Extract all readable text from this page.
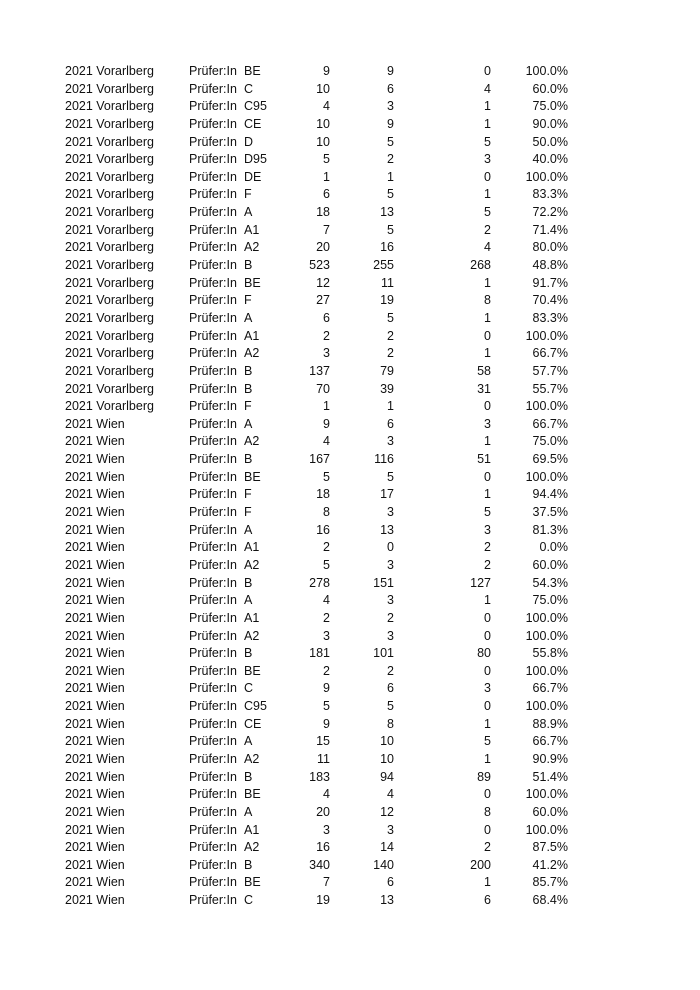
2021 Vorarlberg	Prüfer:In BE	9	9	0	100.0%
2021 Vorarlberg	Prüfer:In C	10	6	4	60.0%
2021 Vorarlberg	Prüfer:In C95	4	3	1	75.0%
2021 Vorarlberg	Prüfer:In CE	10	9	1	90.0%
2021 Vorarlberg	Prüfer:In D	10	5	5	50.0%
2021 Vorarlberg	Prüfer:In D95	5	2	3	40.0%
2021 Vorarlberg	Prüfer:In DE	1	1	0	100.0%
2021 Vorarlberg	Prüfer:In F	6	5	1	83.3%
2021 Vorarlberg	Prüfer:In A	18	13	5	72.2%
2021 Vorarlberg	Prüfer:In A1	7	5	2	71.4%
2021 Vorarlberg	Prüfer:In A2	20	16	4	80.0%
2021 Vorarlberg	Prüfer:In B	523	255	268	48.8%
2021 Vorarlberg	Prüfer:In BE	12	11	1	91.7%
2021 Vorarlberg	Prüfer:In F	27	19	8	70.4%
2021 Vorarlberg	Prüfer:In A	6	5	1	83.3%
2021 Vorarlberg	Prüfer:In A1	2	2	0	100.0%
2021 Vorarlberg	Prüfer:In A2	3	2	1	66.7%
2021 Vorarlberg	Prüfer:In B	137	79	58	57.7%
2021 Vorarlberg	Prüfer:In B	70	39	31	55.7%
2021 Vorarlberg	Prüfer:In F	1	1	0	100.0%
2021 Wien	Prüfer:In A	9	6	3	66.7%
2021 Wien	Prüfer:In A2	4	3	1	75.0%
2021 Wien	Prüfer:In B	167	116	51	69.5%
2021 Wien	Prüfer:In BE	5	5	0	100.0%
2021 Wien	Prüfer:In F	18	17	1	94.4%
2021 Wien	Prüfer:In F	8	3	5	37.5%
2021 Wien	Prüfer:In A	16	13	3	81.3%
2021 Wien	Prüfer:In A1	2	0	2	0.0%
2021 Wien	Prüfer:In A2	5	3	2	60.0%
2021 Wien	Prüfer:In B	278	151	127	54.3%
2021 Wien	Prüfer:In A	4	3	1	75.0%
2021 Wien	Prüfer:In A1	2	2	0	100.0%
2021 Wien	Prüfer:In A2	3	3	0	100.0%
2021 Wien	Prüfer:In B	181	101	80	55.8%
2021 Wien	Prüfer:In BE	2	2	0	100.0%
2021 Wien	Prüfer:In C	9	6	3	66.7%
2021 Wien	Prüfer:In C95	5	5	0	100.0%
2021 Wien	Prüfer:In CE	9	8	1	88.9%
2021 Wien	Prüfer:In A	15	10	5	66.7%
2021 Wien	Prüfer:In A2	11	10	1	90.9%
2021 Wien	Prüfer:In B	183	94	89	51.4%
2021 Wien	Prüfer:In BE	4	4	0	100.0%
2021 Wien	Prüfer:In A	20	12	8	60.0%
2021 Wien	Prüfer:In A1	3	3	0	100.0%
2021 Wien	Prüfer:In A2	16	14	2	87.5%
2021 Wien	Prüfer:In B	340	140	200	41.2%
2021 Wien	Prüfer:In BE	7	6	1	85.7%
2021 Wien	Prüfer:In C	19	13	6	68.4%
